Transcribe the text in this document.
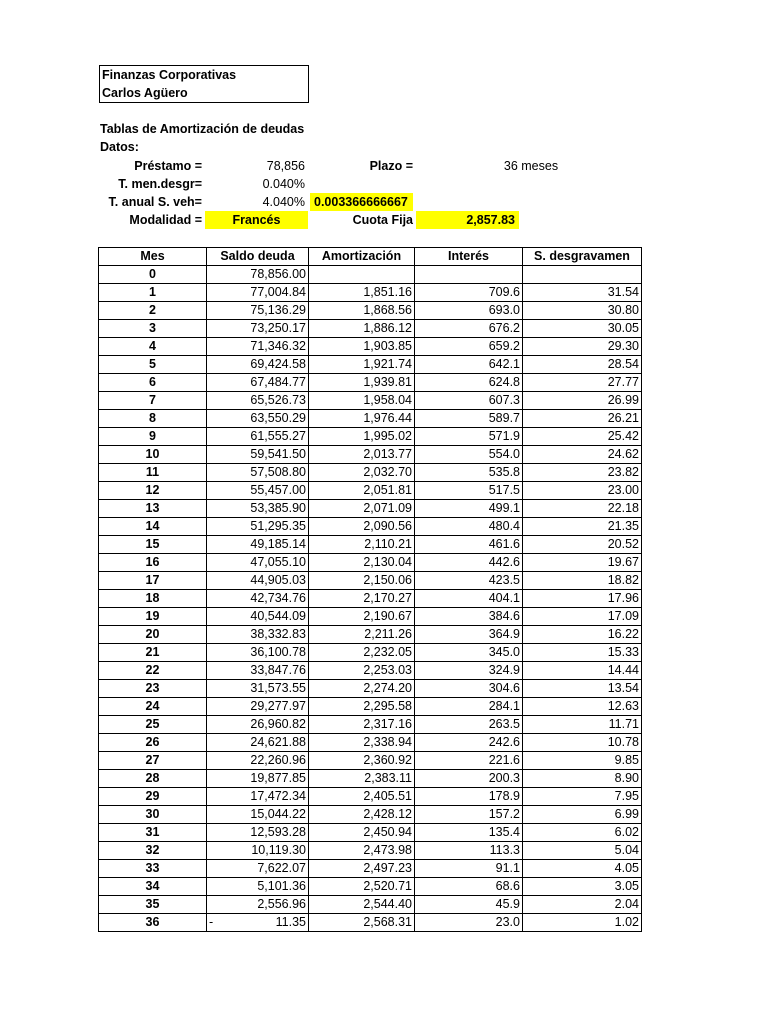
Finanzas Corporativas
Carlos Agüero
Tablas de Amortización de deudas
Datos:
Préstamo =	78,856	Plazo =	36 meses
T. men.desgr=	0.040%
T. anual S. veh=	4.040% 0.003366666667
Modalidad =	Francés	Cuota Fija	2,857.83
Mes	Saldo deuda	Amortización	Interés	S. desgravamen
0	78,856.00			
1	77,004.84	1,851.16	709.6	31.54
2	75,136.29	1,868.56	693.0	30.80
3	73,250.17	1,886.12	676.2	30.05
4	71,346.32	1,903.85	659.2	29.30
5	69,424.58	1,921.74	642.1	28.54
6	67,484.77	1,939.81	624.8	27.77
7	65,526.73	1,958.04	607.3	26.99
8	63,550.29	1,976.44	589.7	26.21
9	61,555.27	1,995.02	571.9	25.42
10	59,541.50	2,013.77	554.0	24.62
11	57,508.80	2,032.70	535.8	23.82
12	55,457.00	2,051.81	517.5	23.00
13	53,385.90	2,071.09	499.1	22.18
14	51,295.35	2,090.56	480.4	21.35
15	49,185.14	2,110.21	461.6	20.52
16	47,055.10	2,130.04	442.6	19.67
17	44,905.03	2,150.06	423.5	18.82
18	42,734.76	2,170.27	404.1	17.96
19	40,544.09	2,190.67	384.6	17.09
20	38,332.83	2,211.26	364.9	16.22
21	36,100.78	2,232.05	345.0	15.33
22	33,847.76	2,253.03	324.9	14.44
23	31,573.55	2,274.20	304.6	13.54
24	29,277.97	2,295.58	284.1	12.63
25	26,960.82	2,317.16	263.5	11.71
26	24,621.88	2,338.94	242.6	10.78
27	22,260.96	2,360.92	221.6	9.85
28	19,877.85	2,383.11	200.3	8.90
29	17,472.34	2,405.51	178.9	7.95
30	15,044.22	2,428.12	157.2	6.99
31	12,593.28	2,450.94	135.4	6.02
32	10,119.30	2,473.98	113.3	5.04
33	7,622.07	2,497.23	91.1	4.05
34	5,101.36	2,520.71	68.6	3.05
35	2,556.96	2,544.40	45.9	2.04
36	- 11.35	2,568.31	23.0	1.02
